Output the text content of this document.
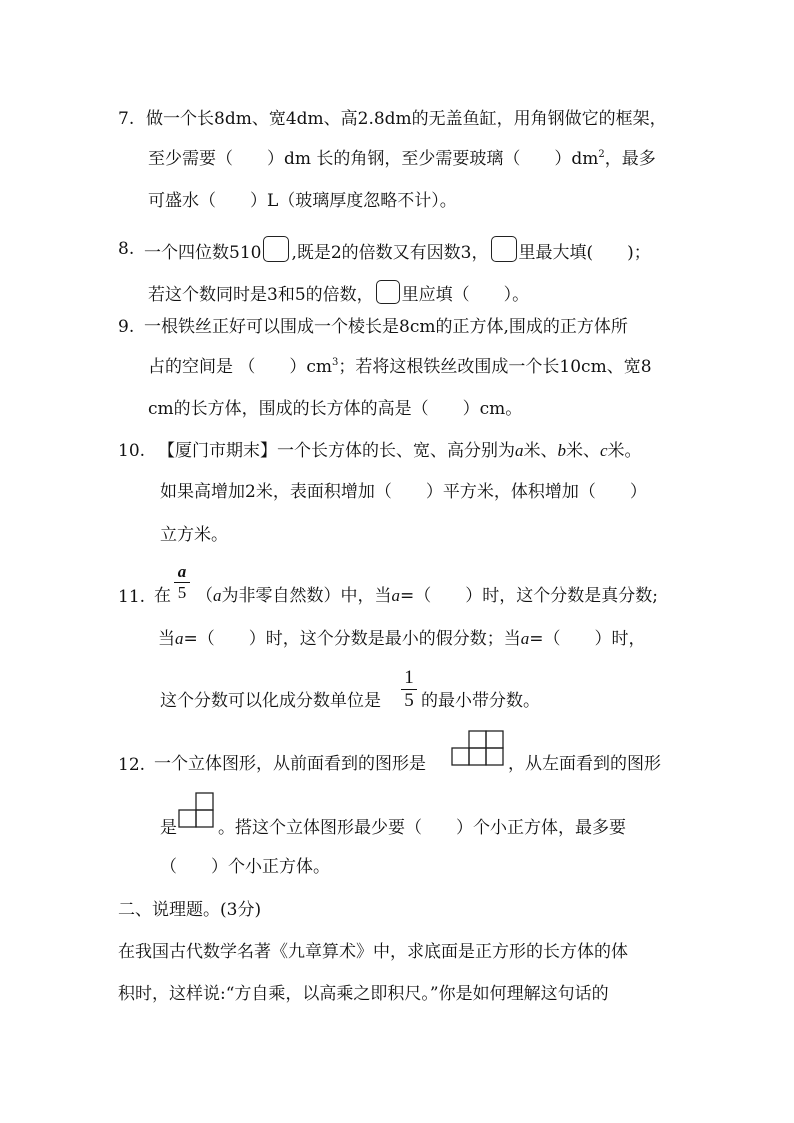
7. 做一个长8dm、宽4dm、高2.8dm的无盖鱼缸，用角钢做它的框架，
至少需要（　　）dm 长的角钢，至少需要玻璃（　　）$dm^2$，最多
可盛水（　　）L（玻璃厚度忽略不计）。
8. 一个四位数510 ,既是2的倍数又有因数3， 里最大填(　　)；
若这个数同时是3和5的倍数， 里应填（　　）。
9. 一根铁丝正好可以围成一个棱长是8cm的正方体,围成的正方体所
占的空间是 （　　）$cm^3$；若将这根铁丝改围成一个长10cm、宽8
cm的长方体，围成的长方体的高是（　　）cm。
10. 【厦门市期末】一个长方体的长、宽、高分别为a米、b米、c米。
如果高增加2米，表面积增加（　　）平方米，体积增加（　　）
立方米。
11. 在 $\frac{a}{5} (a$为非零自然数）中，当a=（　　）时，这个分数是真分数;
当a=（　　）时，这个分数是最小的假分数；当a=（　　）时，
这个分数可以化成分数单位是 $\frac{1}{5}$ 的最小带分数。
12. 一个立体图形，从前面看到的图形是	，从左面看到的图形
是 。搭这个立体图形最少要（　　）个小正方体，最多要
（　　）个小正方体。
二、说理题。(3分)
在我国古代数学名著《九章算术》中，求底面是正方形的长方体的体
积时，这样说:“方自乘，以高乘之即积尺。”你是如何理解这句话的
